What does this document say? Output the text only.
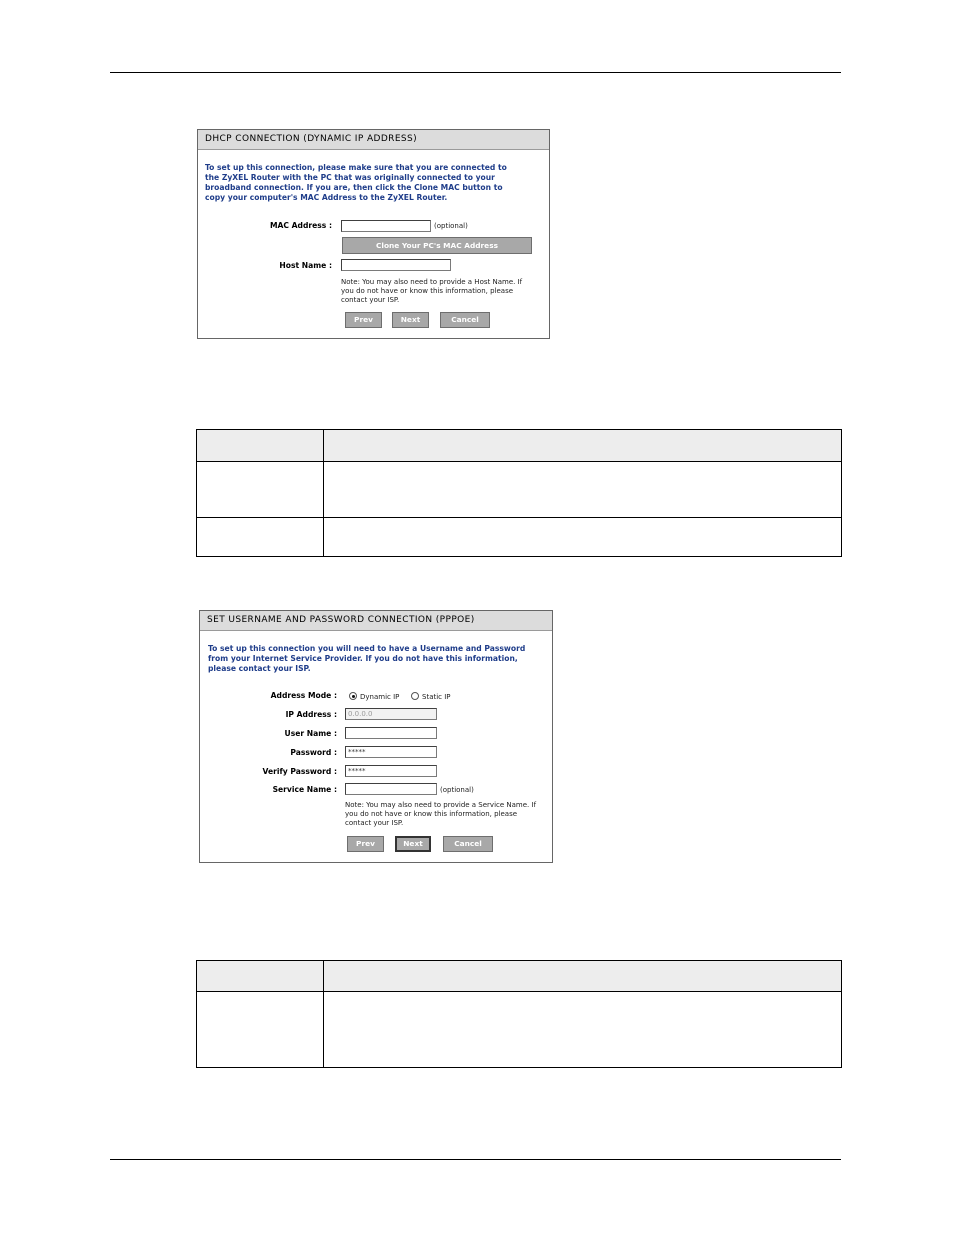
DHCP CONNECTION (DYNAMIC IP ADDRESS)
To set up this connection, please make sure that you are connected to the ZyXEL Router with the PC that was originally connected to your broadband connection. If you are, then click the Clone MAC button to copy your computer's MAC Address to the ZyXEL Router.
MAC Address :	(optional)
Clone Your PC's MAC Address
Host Name :
Note: You may also need to provide a Host Name. If you do not have or know this information, please contact your ISP.
Prev	Next	Cancel
SET USERNAME AND PASSWORD CONNECTION (PPPOE)
To set up this connection you will need to have a Username and Password from your Internet Service Provider. If you do not have this information, please contact your ISP.
Address Mode :	Dynamic IP	Static IP
IP Address :	0.0.0.0
User Name :
Password :	*****
Verify Password :	*****
Service Name :	(optional)
Note: You may also need to provide a Service Name. If you do not have or know this information, please contact your ISP.
Prev	Next	Cancel
